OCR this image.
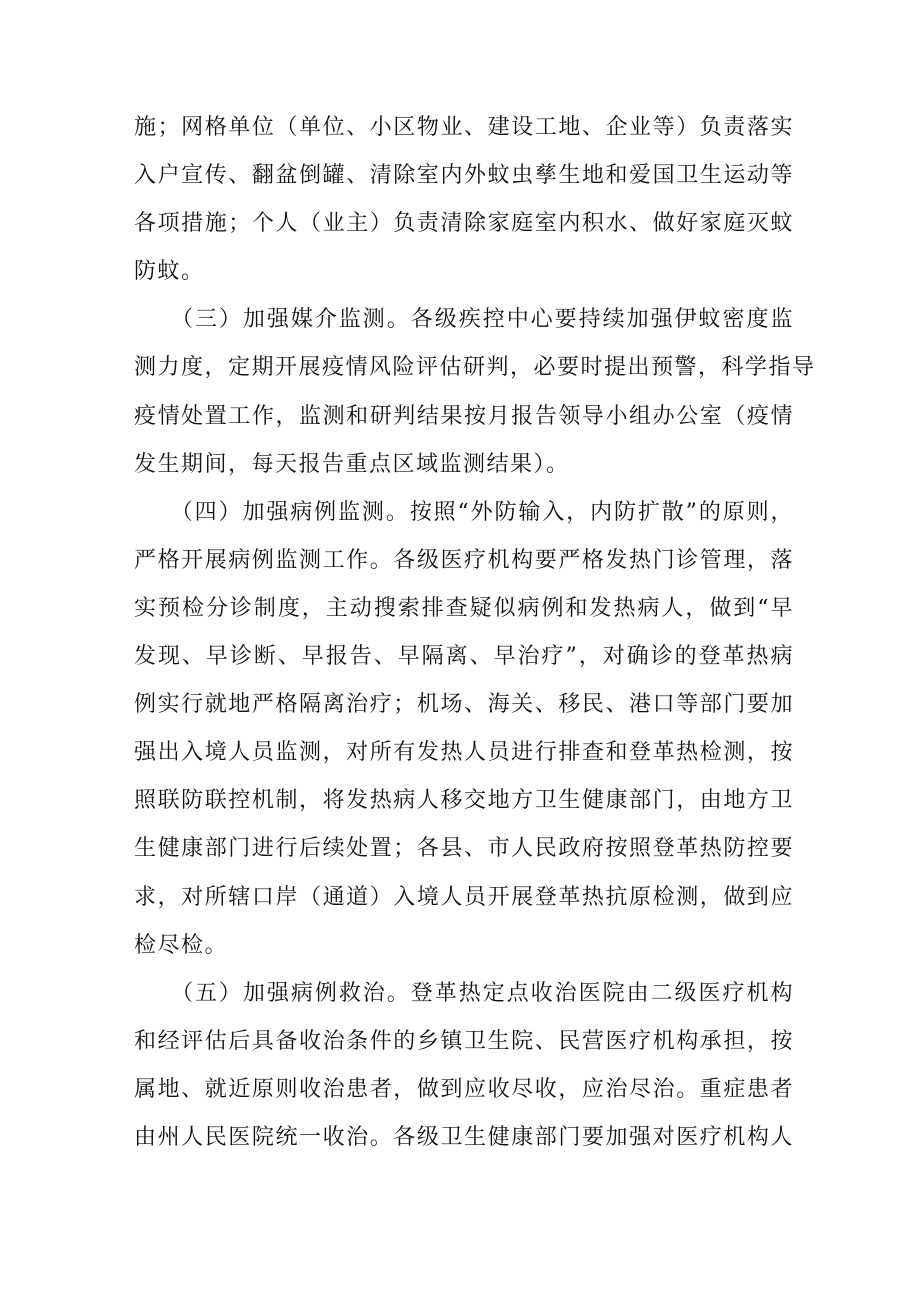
施；网格单位（单位、小区物业、建设工地、企业等）负责落实
入户宣传、翻盆倒罐、清除室内外蚊虫孳生地和爱国卫生运动等
各项措施；个人（业主）负责清除家庭室内积水、做好家庭灭蚊
防蚊。
　　（三）加强媒介监测。各级疾控中心要持续加强伊蚊密度监
测力度，定期开展疫情风险评估研判，必要时提出预警，科学指导
疫情处置工作，监测和研判结果按月报告领导小组办公室（疫情
发生期间，每天报告重点区域监测结果）。
　　（四）加强病例监测。按照“外防输入，内防扩散”的原则，
严格开展病例监测工作。各级医疗机构要严格发热门诊管理，落
实预检分诊制度，主动搜索排查疑似病例和发热病人，做到“早
发现、早诊断、早报告、早隔离、早治疗”，对确诊的登革热病
例实行就地严格隔离治疗；机场、海关、移民、港口等部门要加
强出入境人员监测，对所有发热人员进行排查和登革热检测，按
照联防联控机制，将发热病人移交地方卫生健康部门，由地方卫
生健康部门进行后续处置；各县、市人民政府按照登革热防控要
求，对所辖口岸（通道）入境人员开展登革热抗原检测，做到应
检尽检。
　　（五）加强病例救治。登革热定点收治医院由二级医疗机构
和经评估后具备收治条件的乡镇卫生院、民营医疗机构承担，按
属地、就近原则收治患者，做到应收尽收，应治尽治。重症患者
由州人民医院统一收治。各级卫生健康部门要加强对医疗机构人
